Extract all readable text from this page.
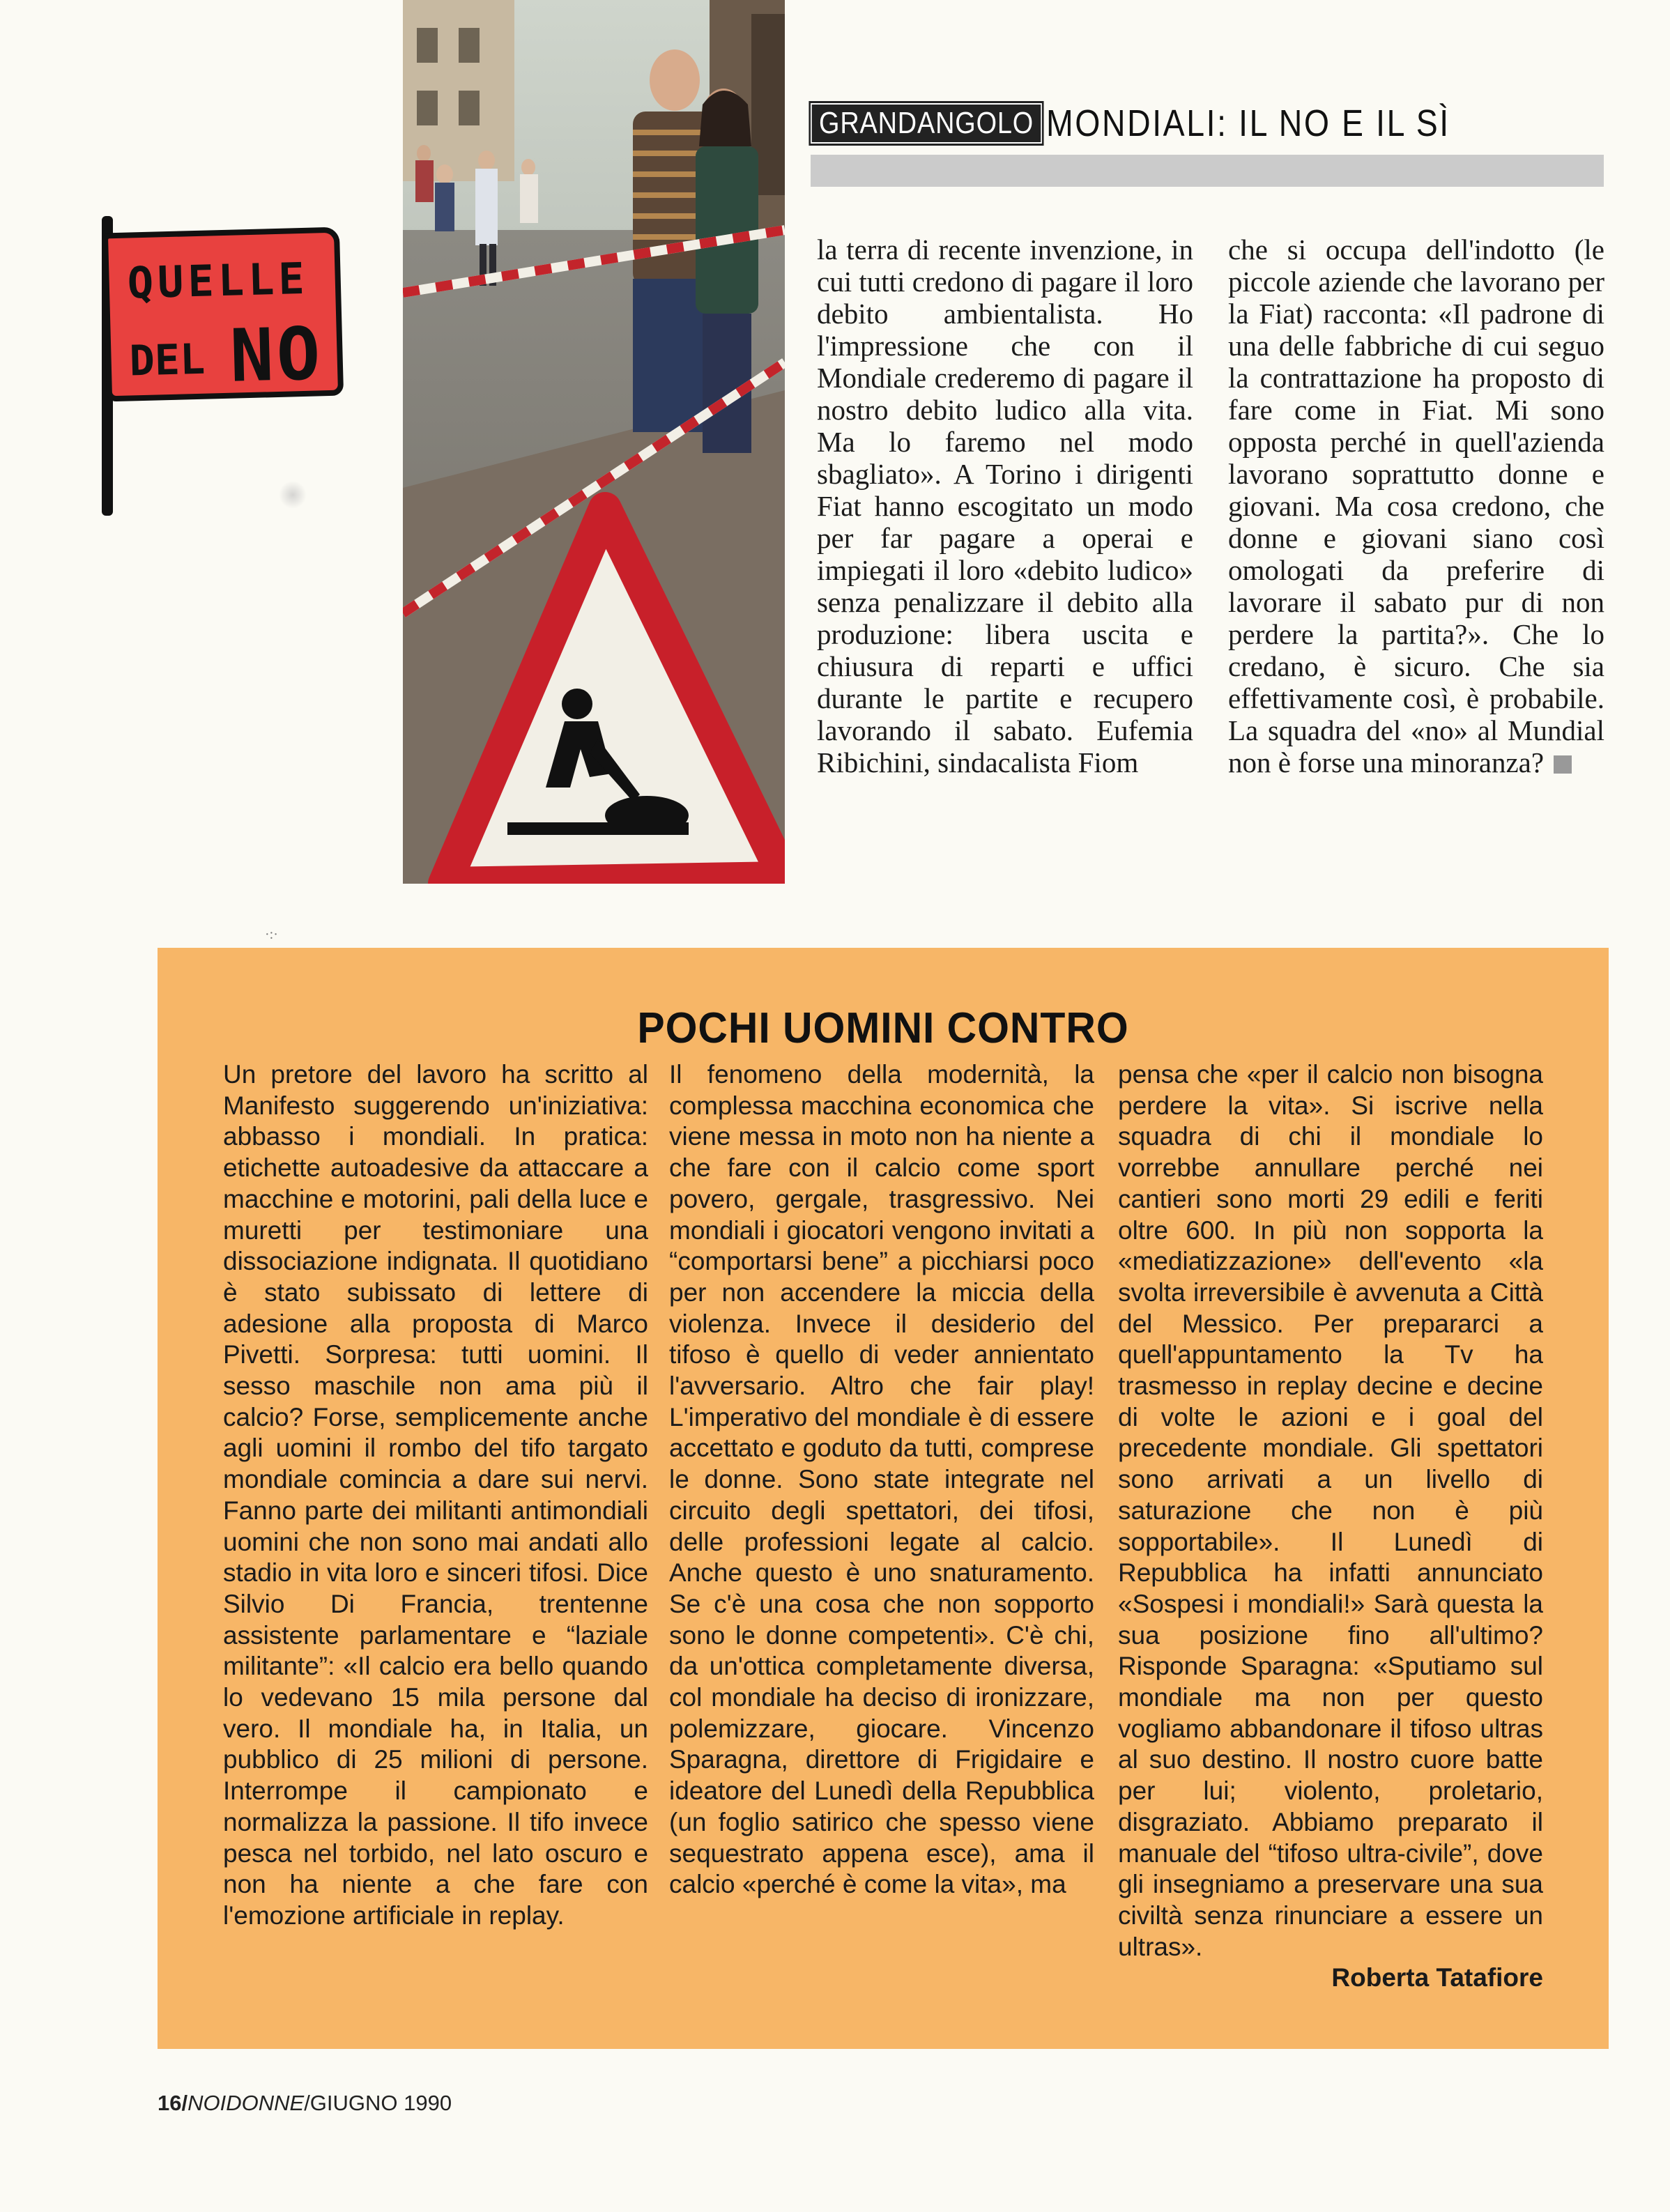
QUELLE
DEL NO
GRANDANGOLO MONDIALI: IL NO E IL SÌ
la terra di recente invenzione, in cui tutti credono di pagare il loro debito ambientalista. Ho l'impressione che con il Mondiale crederemo di pagare il nostro debito ludico alla vita. Ma lo faremo nel modo sbagliato». A Torino i dirigenti Fiat hanno escogitato un modo per far pagare a operai e impiegati il loro «debito ludico» senza penalizzare il debito alla produzione: libera uscita e chiusura di reparti e uffici durante le partite e recupero lavorando il sabato. Eufemia Ribichini, sindacalista Fiom
che si occupa dell'indotto (le piccole aziende che lavorano per la Fiat) racconta: «Il padrone di una delle fabbriche di cui seguo la contrattazione ha proposto di fare come in Fiat. Mi sono opposta perché in quell'azienda lavorano soprattutto donne e giovani. Ma cosa credono, che donne e giovani siano così omologati da preferire di lavorare il sabato pur di non perdere la partita?». Che lo credano, è sicuro. Che sia effettivamente così, è probabile. La squadra del «no» al Mundial non è forse una minoranza?
·:·
POCHI UOMINI CONTRO
Un pretore del lavoro ha scritto al Manifesto suggerendo un'iniziativa: abbasso i mondiali. In pratica: etichette autoadesive da attaccare a macchine e motorini, pali della luce e muretti per testimoniare una dissociazione indignata. Il quotidiano è stato subissato di lettere di adesione alla proposta di Marco Pivetti. Sorpresa: tutti uomini. Il sesso maschile non ama più il calcio? Forse, semplicemente anche agli uomini il rombo del tifo targato mondiale comincia a dare sui nervi. Fanno parte dei militanti antimondiali uomini che non sono mai andati allo stadio in vita loro e sinceri tifosi. Dice Silvio Di Francia, trentenne assistente parlamentare e “laziale militante”: «Il calcio era bello quando lo vedevano 15 mila persone dal vero. Il mondiale ha, in Italia, un pubblico di 25 milioni di persone. Interrompe il campionato e normalizza la passione. Il tifo invece pesca nel torbido, nel lato oscuro e non ha niente a che fare con l'emozione artificiale in replay.
Il fenomeno della modernità, la complessa macchina economica che viene messa in moto non ha niente a che fare con il calcio come sport povero, gergale, trasgressivo. Nei mondiali i giocatori vengono invitati a “comportarsi bene” a picchiarsi poco per non accendere la miccia della violenza. Invece il desiderio del tifoso è quello di veder annientato l'avversario. Altro che fair play! L'imperativo del mondiale è di essere accettato e goduto da tutti, comprese le donne. Sono state integrate nel circuito degli spettatori, dei tifosi, delle professioni legate al calcio. Anche questo è uno snaturamento. Se c'è una cosa che non sopporto sono le donne competenti». C'è chi, da un'ottica completamente diversa, col mondiale ha deciso di ironizzare, polemizzare, giocare. Vincenzo Sparagna, direttore di Frigidaire e ideatore del Lunedì della Repubblica (un foglio satirico che spesso viene sequestrato appena esce), ama il calcio «perché è come la vita», ma
pensa che «per il calcio non bisogna perdere la vita». Si iscrive nella squadra di chi il mondiale lo vorrebbe annullare perché nei cantieri sono morti 29 edili e feriti oltre 600. In più non sopporta la «mediatizzazione» dell'evento «la svolta irreversibile è avvenuta a Città del Messico. Per prepararci a quell'appuntamento la Tv ha trasmesso in replay decine e decine di volte le azioni e i goal del precedente mondiale. Gli spettatori sono arrivati a un livello di saturazione che non è più sopportabile». Il Lunedì di Repubblica ha infatti annunciato «Sospesi i mondiali!» Sarà questa la sua posizione fino all'ultimo? Risponde Sparagna: «Sputiamo sul mondiale ma non per questo vogliamo abbandonare il tifoso ultras al suo destino. Il nostro cuore batte per lui; violento, proletario, disgraziato. Abbiamo preparato il manuale del “tifoso ultra-civile”, dove gli insegniamo a preservare una sua civiltà senza rinunciare a essere un ultras».
Roberta Tatafiore
16/NOIDONNE/GIUGNO 1990
